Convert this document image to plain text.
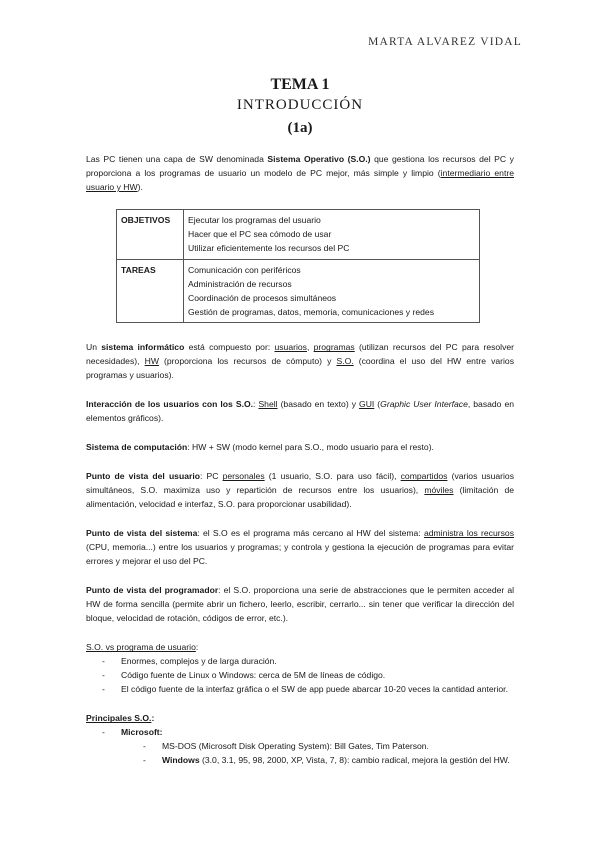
MARTA ALVAREZ VIDAL
TEMA 1
INTRODUCCIÓN
(1a)

Las PC tienen una capa de SW denominada Sistema Operativo (S.O.) que gestiona los recursos del PC y proporciona a los programas de usuario un modelo de PC mejor, más simple y limpio (intermediario entre usuario y HW).

OBJETIVOS	Ejecutar los programas del usuario
Hacer que el PC sea cómodo de usar
Utilizar eficientemente los recursos del PC

TAREAS	Comunicación con periféricos
Administración de recursos
Coordinación de procesos simultáneos
Gestión de programas, datos, memoria, comunicaciones y redes

Un sistema informático está compuesto por: usuarios, programas (utilizan recursos del PC para resolver necesidades), HW (proporciona los recursos de cómputo) y S.O. (coordina el uso del HW entre varios programas y usuarios).

Interacción de los usuarios con los S.O.: Shell (basado en texto) y GUI (Graphic User Interface, basado en elementos gráficos).

Sistema de computación: HW + SW (modo kernel para S.O., modo usuario para el resto).

Punto de vista del usuario: PC personales (1 usuario, S.O. para uso fácil), compartidos (varios usuarios simultáneos, S.O. maximiza uso y repartición de recursos entre los usuarios), móviles (limitación de alimentación, velocidad e interfaz, S.O. para proporcionar usabilidad).

Punto de vista del sistema: el S.O es el programa más cercano al HW del sistema: administra los recursos (CPU, memoria...) entre los usuarios y programas; y controla y gestiona la ejecución de programas para evitar errores y mejorar el uso del PC.

Punto de vista del programador: el S.O. proporciona una serie de abstracciones que le permiten acceder al HW de forma sencilla (permite abrir un fichero, leerlo, escribir, cerrarlo... sin tener que verificar la dirección del bloque, velocidad de rotación, códigos de error, etc.).

S.O. vs programa de usuario:
- Enormes, complejos y de larga duración.
- Código fuente de Linux o Windows: cerca de 5M de líneas de código.
- El código fuente de la interfaz gráfica o el SW de app puede abarcar 10-20 veces la cantidad anterior.
Principales S.O.:
- Microsoft:
- MS-DOS (Microsoft Disk Operating System): Bill Gates, Tim Paterson.
- Windows (3.0, 3.1, 95, 98, 2000, XP, Vista, 7, 8): cambio radical, mejora la gestión del HW.
